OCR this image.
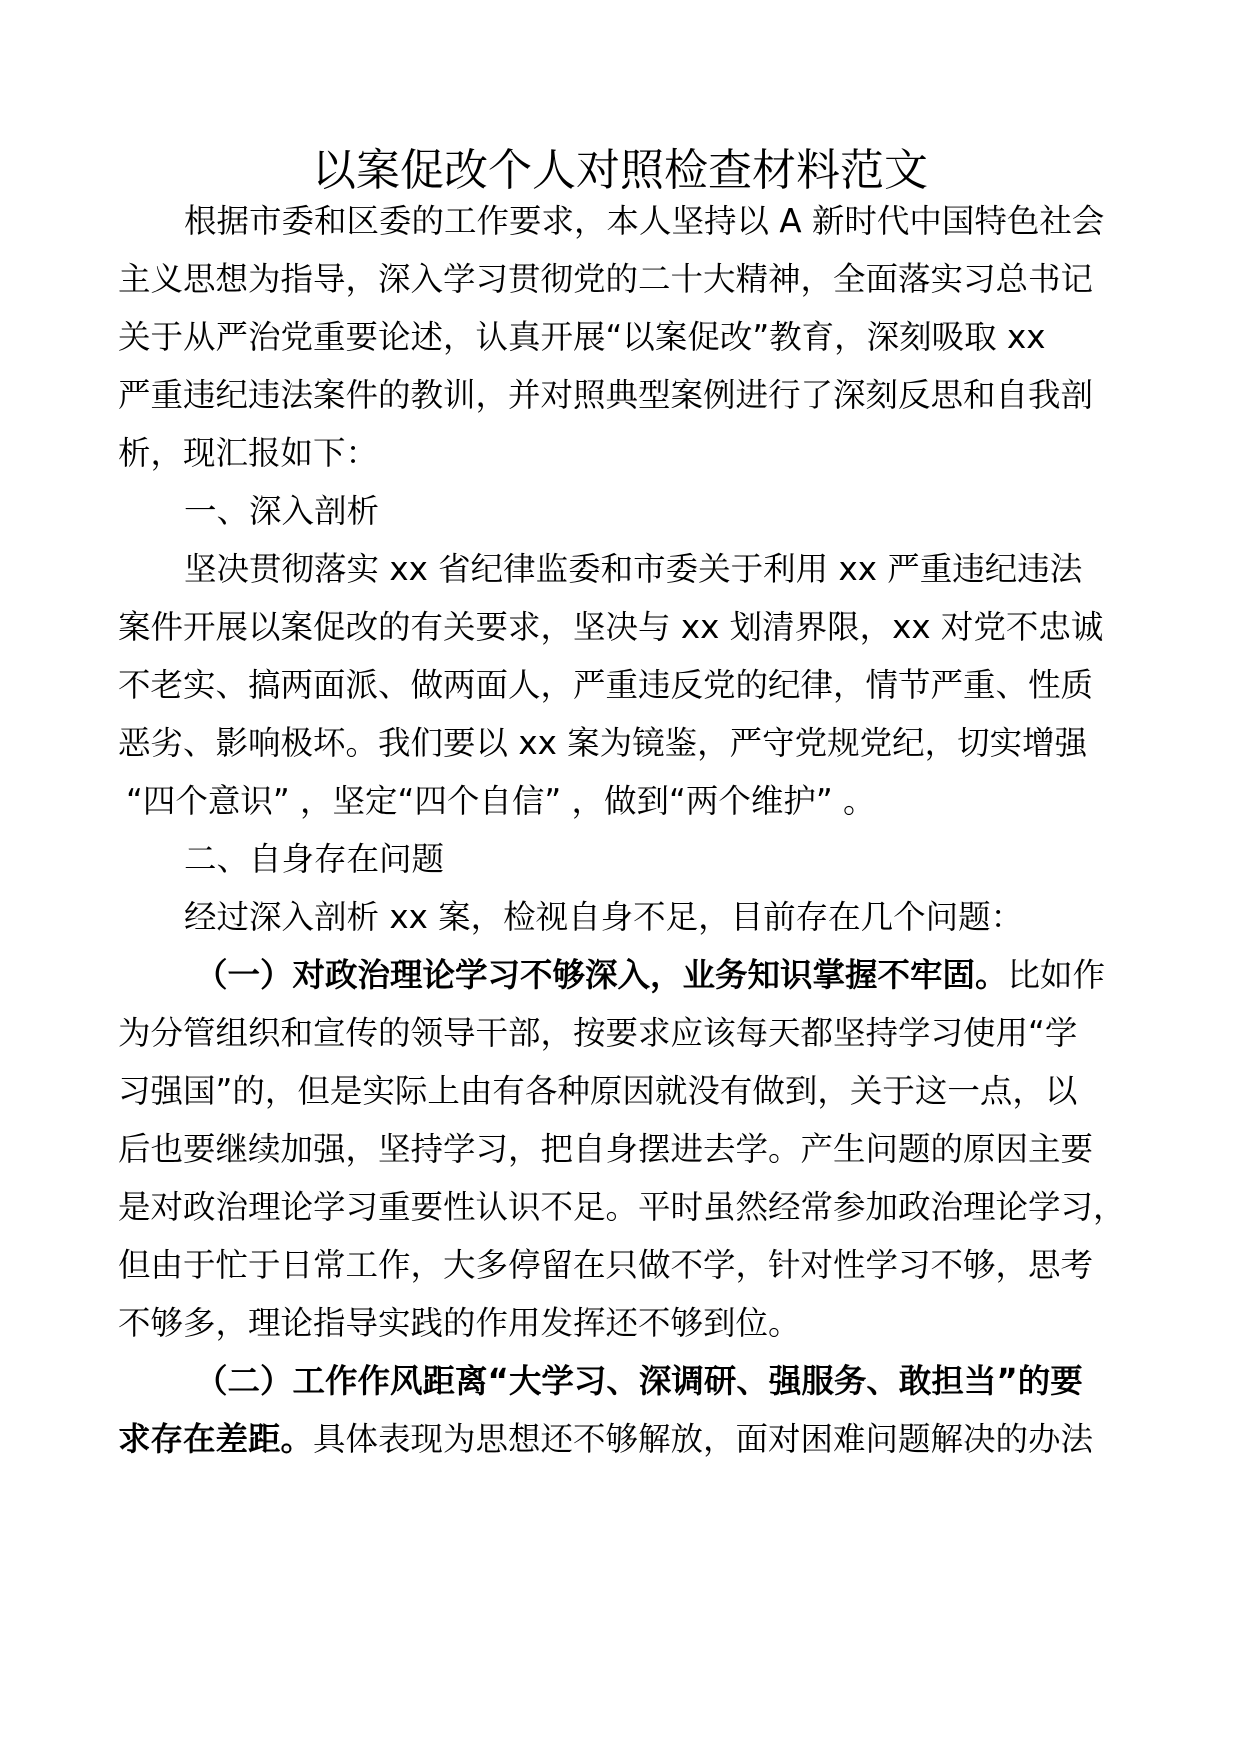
以案促改个人对照检查材料范文
根据市委和区委的工作要求，本人坚持以 A 新时代中国特色社会
主义思想为指导，深入学习贯彻党的二十大精神，全面落实习总书记
关于从严治党重要论述，认真开展“以案促改”教育，深刻吸取 xx
严重违纪违法案件的教训，并对照典型案例进行了深刻反思和自我剖
析，现汇报如下：
一、深入剖析
坚决贯彻落实 xx 省纪律监委和市委关于利用 xx 严重违纪违法
案件开展以案促改的有关要求，坚决与 xx 划清界限，xx 对党不忠诚
不老实、搞两面派、做两面人，严重违反党的纪律，情节严重、性质
恶劣、影响极坏。我们要以 xx 案为镜鉴，严守党规党纪，切实增强
“四个意识” ，坚定“四个自信” ，做到“两个维护” 。
二、自身存在问题
经过深入剖析 xx 案，检视自身不足，目前存在几个问题：
（一）对政治理论学习不够深入，业务知识掌握不牢固。比如作
为分管组织和宣传的领导干部，按要求应该每天都坚持学习使用“学
习强国”的，但是实际上由有各种原因就没有做到，关于这一点，以
后也要继续加强，坚持学习，把自身摆进去学。产生问题的原因主要
是对政治理论学习重要性认识不足。平时虽然经常参加政治理论学习，
但由于忙于日常工作，大多停留在只做不学，针对性学习不够，思考
不够多，理论指导实践的作用发挥还不够到位。
（二）工作作风距离“大学习、深调研、强服务、敢担当”的要
求存在差距。具体表现为思想还不够解放，面对困难问题解决的办法
